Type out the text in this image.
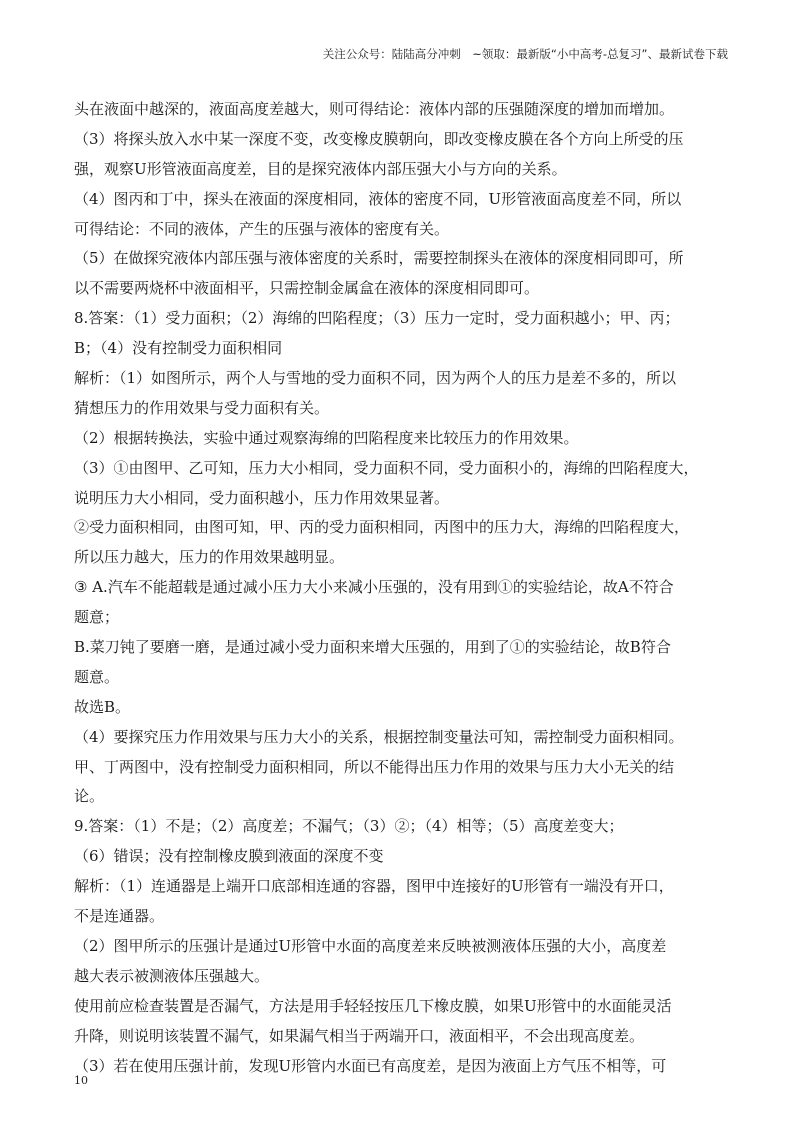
关注公众号：陆陆高分冲刺　~领取：最新版“小中高考-总复习”、最新试卷下载
头在液面中越深的，液面高度差越大，则可得结论：液体内部的压强随深度的增加而增加。
（3）将探头放入水中某一深度不变，改变橡皮膜朝向，即改变橡皮膜在各个方向上所受的压
强，观察U形管液面高度差，目的是探究液体内部压强大小与方向的关系。
（4）图丙和丁中，探头在液面的深度相同，液体的密度不同，U形管液面高度差不同，所以
可得结论：不同的液体，产生的压强与液体的密度有关。
（5）在做探究液体内部压强与液体密度的关系时，需要控制探头在液体的深度相同即可，所
以不需要两烧杯中液面相平，只需控制金属盒在液体的深度相同即可。
8.答案：（1）受力面积；（2）海绵的凹陷程度；（3）压力一定时，受力面积越小；甲、丙；
B；（4）没有控制受力面积相同
解析：（1）如图所示，两个人与雪地的受力面积不同，因为两个人的压力是差不多的，所以
猜想压力的作用效果与受力面积有关。
（2）根据转换法，实验中通过观察海绵的凹陷程度来比较压力的作用效果。
（3）①由图甲、乙可知，压力大小相同，受力面积不同，受力面积小的，海绵的凹陷程度大，
说明压力大小相同，受力面积越小，压力作用效果显著。
②受力面积相同，由图可知，甲、丙的受力面积相同，丙图中的压力大，海绵的凹陷程度大，
所以压力越大，压力的作用效果越明显。
③ A.汽车不能超载是通过减小压力大小来减小压强的，没有用到①的实验结论，故A不符合
题意；
B.菜刀钝了要磨一磨，是通过减小受力面积来增大压强的，用到了①的实验结论，故B符合
题意。
故选B。
（4）要探究压力作用效果与压力大小的关系，根据控制变量法可知，需控制受力面积相同。
甲、丁两图中，没有控制受力面积相同，所以不能得出压力作用的效果与压力大小无关的结
论。
9.答案：（1）不是；（2）高度差；不漏气；（3）②；（4）相等；（5）高度差变大；
（6）错误；没有控制橡皮膜到液面的深度不变
解析：（1）连通器是上端开口底部相连通的容器，图甲中连接好的U形管有一端没有开口，
不是连通器。
（2）图甲所示的压强计是通过U形管中水面的高度差来反映被测液体压强的大小，高度差
越大表示被测液体压强越大。
使用前应检查装置是否漏气，方法是用手轻轻按压几下橡皮膜，如果U形管中的水面能灵活
升降，则说明该装置不漏气，如果漏气相当于两端开口，液面相平，不会出现高度差。
（3）若在使用压强计前，发现U形管内水面已有高度差，是因为液面上方气压不相等，可
10
